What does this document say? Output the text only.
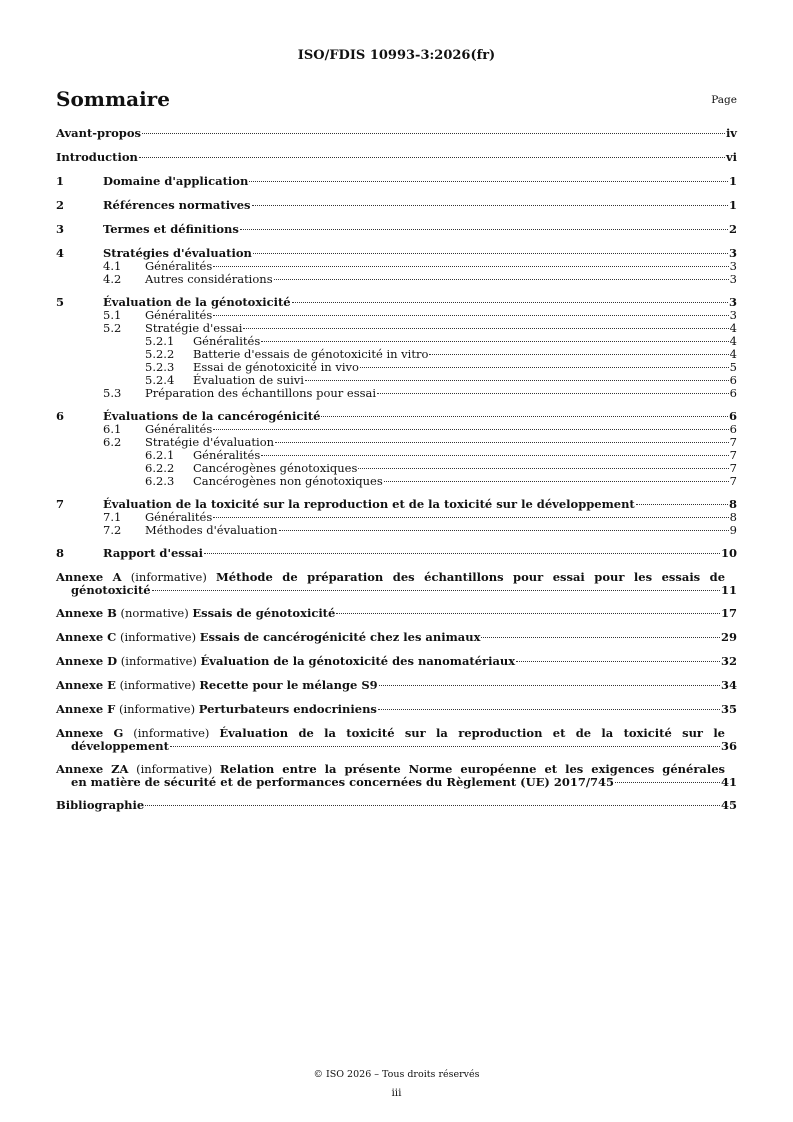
ISO/FDIS 10993-3:2026(fr)
Sommaire	Page
Avant-propos	iv
Introduction	vi
1	Domaine d'application	1
2	Références normatives	1
3	Termes et définitions	2
4	Stratégies d'évaluation	3
4.1	Généralités	3
4.2	Autres considérations	3
5	Évaluation de la génotoxicité	3
5.1	Généralités	3
5.2	Stratégie d'essai	4
5.2.1	Généralités	4
5.2.2	Batterie d'essais de génotoxicité in vitro	4
5.2.3	Essai de génotoxicité in vivo	5
5.2.4	Évaluation de suivi	6
5.3	Préparation des échantillons pour essai	6
6	Évaluations de la cancérogénicité	6
6.1	Généralités	6
6.2	Stratégie d'évaluation	7
6.2.1	Généralités	7
6.2.2	Cancérogènes génotoxiques	7
6.2.3	Cancérogènes non génotoxiques	7
7	Évaluation de la toxicité sur la reproduction et de la toxicité sur le développement	8
7.1	Généralités	8
7.2	Méthodes d'évaluation	9
8	Rapport d'essai	10
Annexe A (informative) Méthode de préparation des échantillons pour essai pour les essais de
génotoxicité	11
Annexe B (normative) Essais de génotoxicité	17
Annexe C (informative) Essais de cancérogénicité chez les animaux	29
Annexe D (informative) Évaluation de la génotoxicité des nanomatériaux	32
Annexe E (informative) Recette pour le mélange S9	34
Annexe F (informative) Perturbateurs endocriniens	35
Annexe G (informative) Évaluation de la toxicité sur la reproduction et de la toxicité sur le
développement	36
Annexe ZA (informative) Relation entre la présente Norme européenne et les exigences générales
en matière de sécurité et de performances concernées du Règlement (UE) 2017/745	41
Bibliographie	45
© ISO 2026 – Tous droits réservés
iii
